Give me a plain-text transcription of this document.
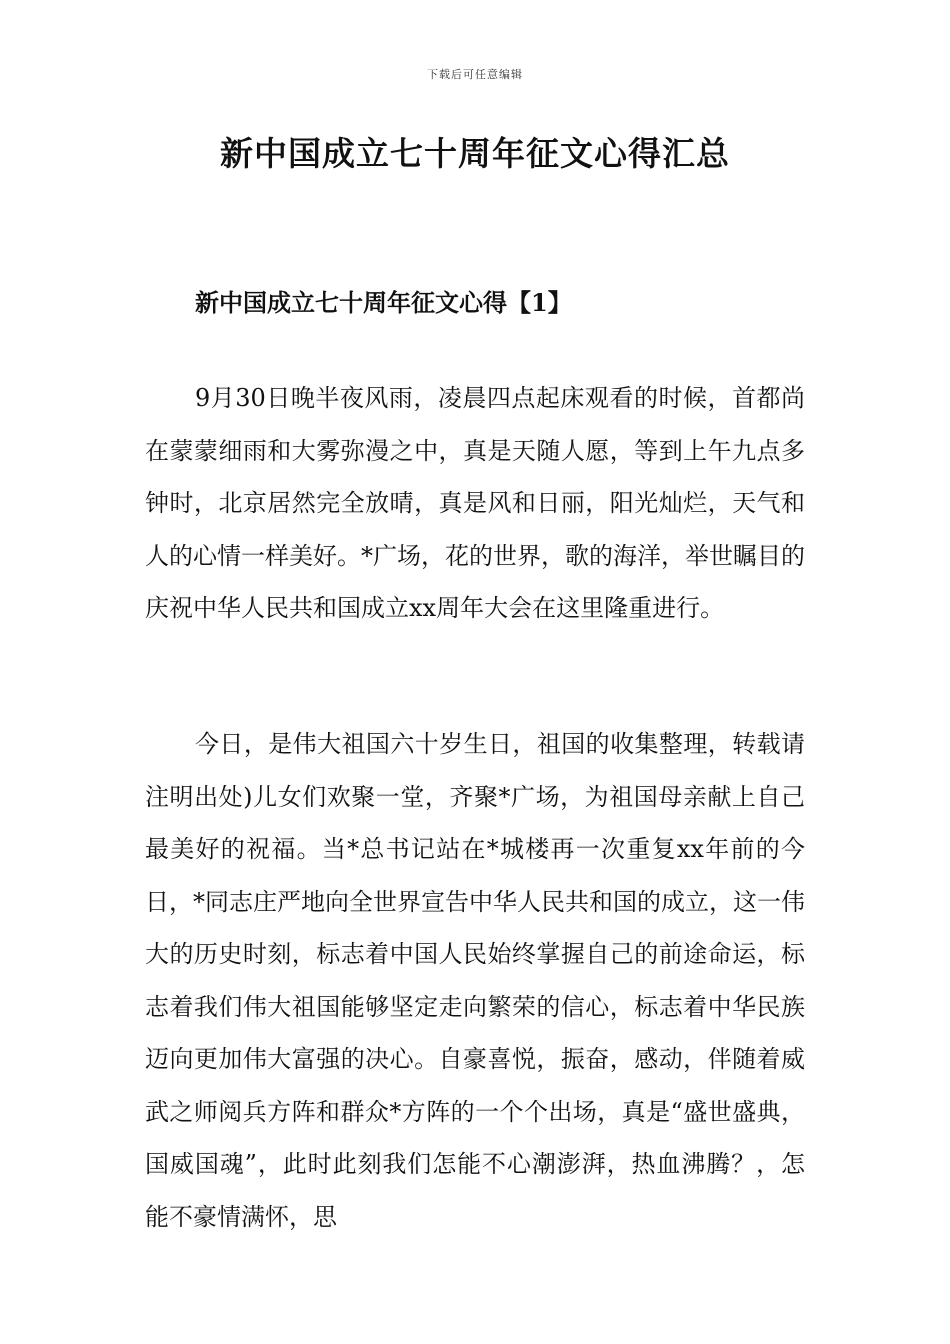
下载后可任意编辑
新中国成立七十周年征文心得汇总
新中国成立七十周年征文心得【1】

9月30日晚半夜风雨，凌晨四点起床观看的时候，首都尚在蒙蒙细雨和大雾弥漫之中，真是天随人愿，等到上午九点多钟时，北京居然完全放晴，真是风和日丽，阳光灿烂，天气和人的心情一样美好。*广场，花的世界，歌的海洋，举世瞩目的庆祝中华人民共和国成立xx周年大会在这里隆重进行。

今日，是伟大祖国六十岁生日，祖国的收集整理，转载请注明出处)儿女们欢聚一堂，齐聚*广场，为祖国母亲献上自己最美好的祝福。当*总书记站在*城楼再一次重复xx年前的今日，*同志庄严地向全世界宣告中华人民共和国的成立，这一伟大的历史时刻，标志着中国人民始终掌握自己的前途命运，标志着我们伟大祖国能够坚定走向繁荣的信心，标志着中华民族迈向更加伟大富强的决心。自豪喜悦，振奋，感动，伴随着威武之师阅兵方阵和群众*方阵的一个个出场，真是“盛世盛典，国威国魂”，此时此刻我们怎能不心潮澎湃，热血沸腾？，怎能不豪情满怀，思
